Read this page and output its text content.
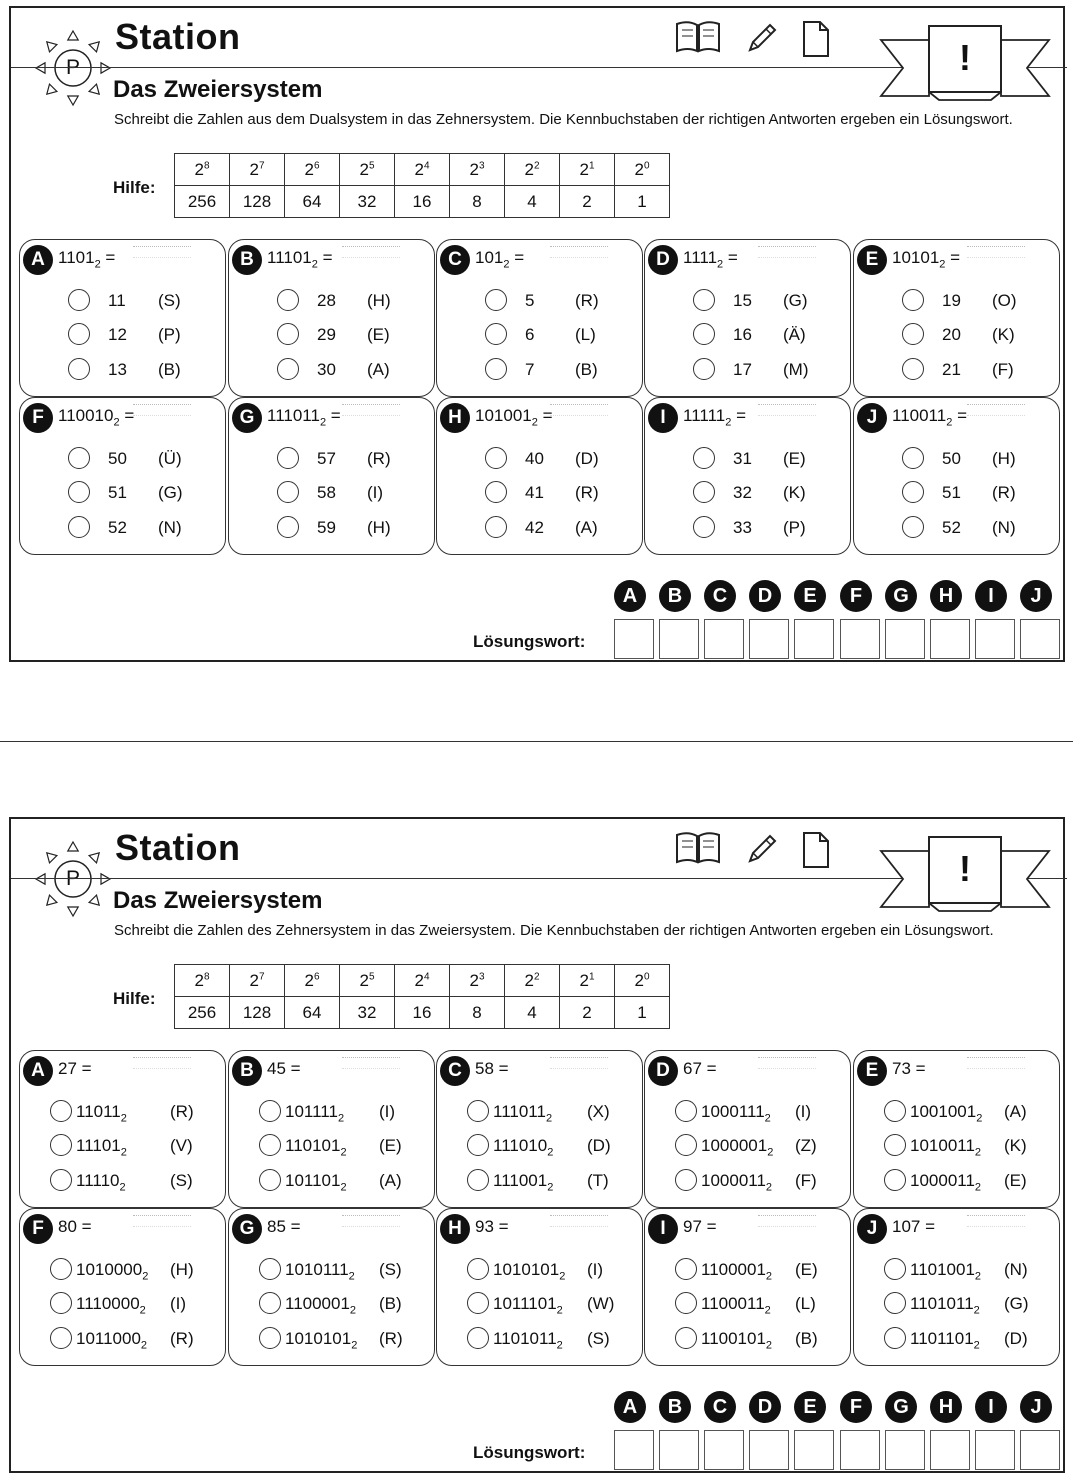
P
Station
!
Das Zweiersystem
Schreibt die Zahlen aus dem Dualsystem in das Zehnersystem. Die Kennbuchstaben der richtigen Antworten ergeben ein Lösungswort.
Hilfe:
$2^8$	$2^7$	$2^6$	$2^5$	$2^4$	$2^3$	$2^2$	$2^1$	$2^0$
256	128	64	32	16	8	4	2	1
A $1101_2$ =
11 (S)
12 (P)
13 (B)
B $11101_2$ =
28 (H)
29 (E)
30 (A)
C $101_2$ =
5 (R)
6 (L)
7 (B)
D $1111_2$ =
15 (G)
16 (Ä)
17 (M)
E $10101_2$ =
19 (O)
20 (K)
21 (F)
F $110010_2$ =
50 (Ü)
51 (G)
52 (N)
G $111011_2$ =
57 (R)
58 (I)
59 (H)
H $101001_2$ =
40 (D)
41 (R)
42 (A)
I	$11111_2$ =
31 (E)
32 (K)
33 (P)
J $110011_2$ =
50 (H)
51 (R)
52 (N)
A	B	C	D	E	F	G	H	I	J
Lösungswort:
P
Station
!
Das Zweiersystem
Schreibt die Zahlen des Zehnersystem in das Zweiersystem. Die Kennbuchstaben der richtigen Antworten ergeben ein Lösungswort.
Hilfe:
$2^8$	$2^7$	$2^6$	$2^5$	$2^4$	$2^3$	$2^2$	$2^1$	$2^0$
256	128	64	32	16	8	4	2	1
A 27 =
$11011_2$	(R)
$11101_2$	(V)
$11110_2$	(S)
B 45 =
$101111_2$ (I)
$110101_2$ (E)
$101101_2$ (A)
C 58 =
$111011_2$ (X)
$111010_2$ (D)
$111001_2$ (T)
D 67 =
$1000111_2$ (I)
$1000001_2$ (Z)
$1000011_2$ (F)
E 73 =
$1001001_2$ (A)
$1010011_2$ (K)
$1000011_2$ (E)
F 80 =
$1010000_2$ (H)
$1110000_2$ (I)
$1011000_2$ (R)
G 85 =
$1010111_2$ (S)
$1100001_2$ (B)
$1010101_2$ (R)
H 93 =
$1010101_2$ (I)
$1011101_2$ (W)
$1101011_2$ (S)
I	97 =
$1100001_2$ (E)
$1100011_2$ (L)
$1100101_2$ (B)
J 107 =
$1101001_2$ (N)
$1101011_2$ (G)
$1101101_2$ (D)
A	B	C	D	E	F	G	H	I	J
Lösungswort:
